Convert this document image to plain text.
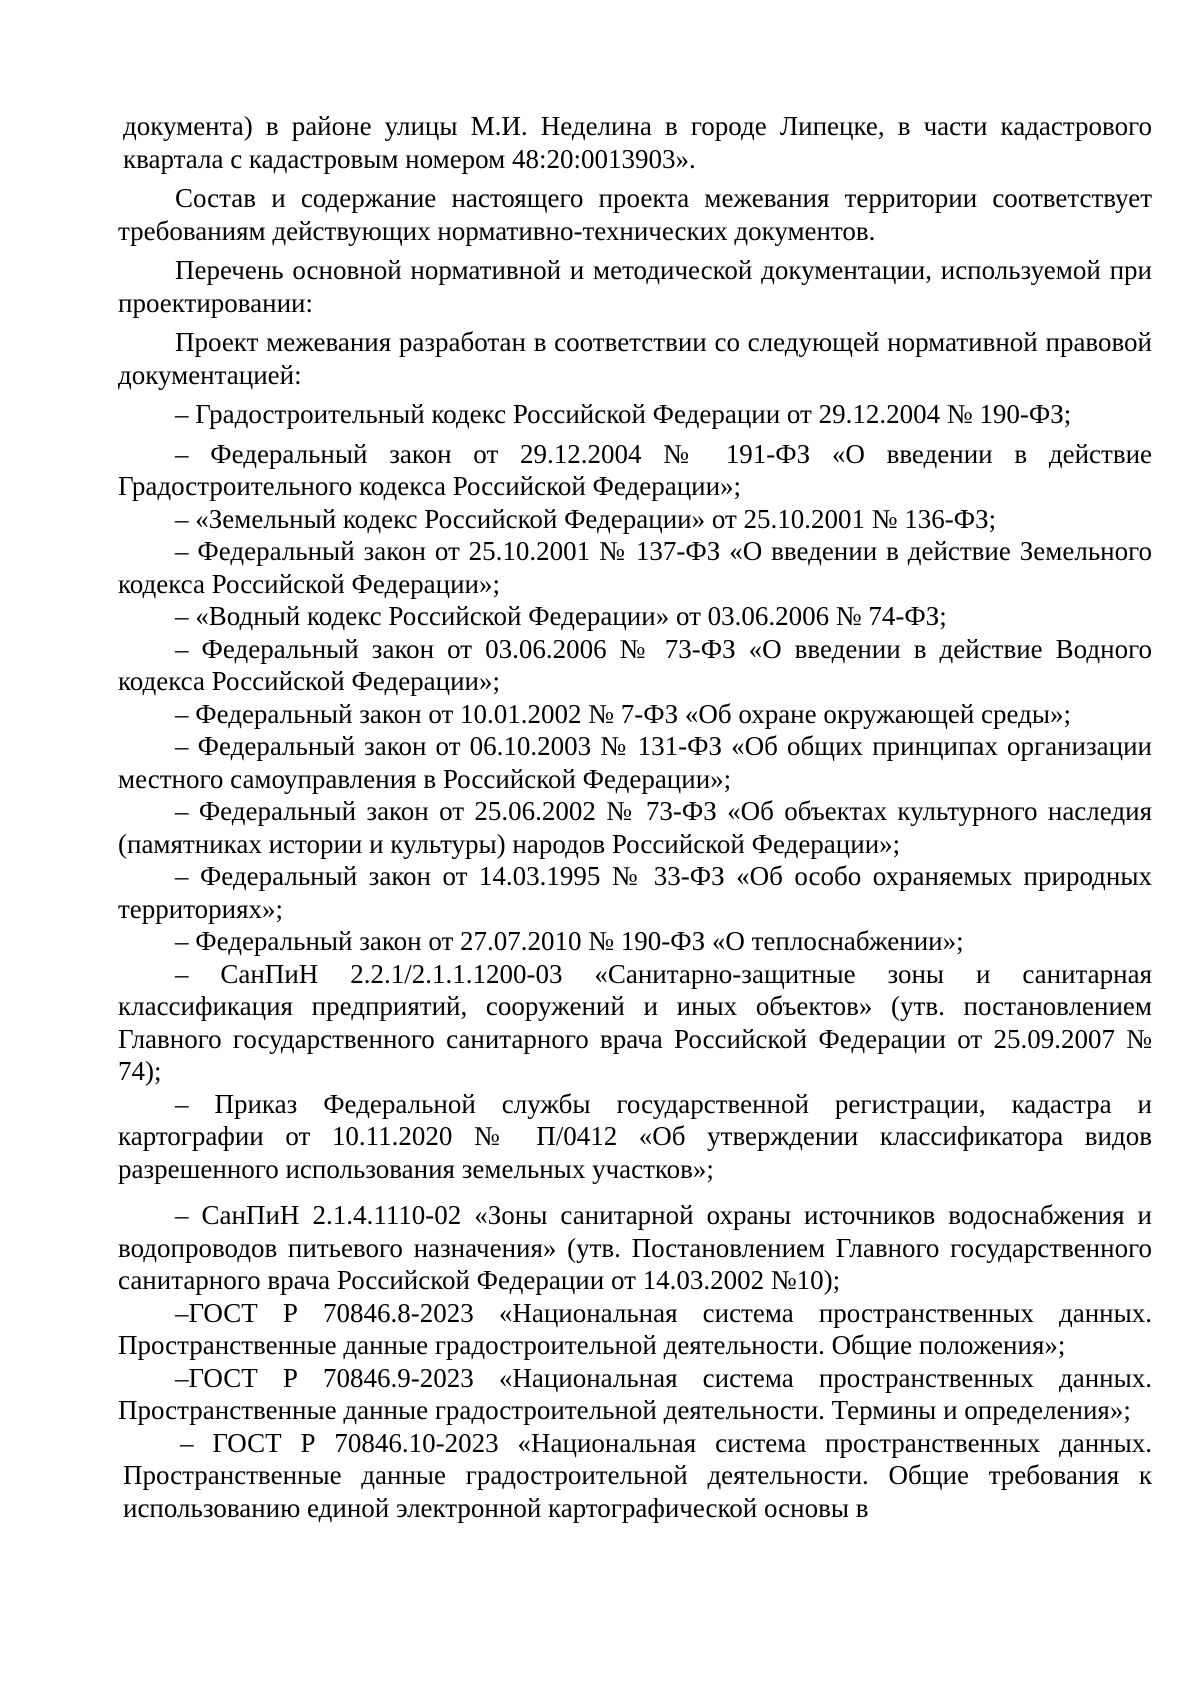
документа) в районе улицы М.И. Неделина в городе Липецке, в части кадастрового квартала с кадастровым номером 48:20:0013903».

Состав и содержание настоящего проекта межевания территории соответствует требованиям действующих нормативно-технических документов.

Перечень основной нормативной и методической документации, используемой при проектировании:

Проект межевания разработан в соответствии со следующей нормативной правовой документацией:

– Градостроительный кодекс Российской Федерации от 29.12.2004 № 190-ФЗ;

– Федеральный закон от 29.12.2004 № 191-ФЗ «О введении в действие Градостроительного кодекса Российской Федерации»;

– «Земельный кодекс Российской Федерации» от 25.10.2001 № 136-ФЗ;

– Федеральный закон от 25.10.2001 № 137-ФЗ «О введении в действие Земельного кодекса Российской Федерации»;

– «Водный кодекс Российской Федерации» от 03.06.2006 № 74-ФЗ;

– Федеральный закон от 03.06.2006 № 73-ФЗ «О введении в действие Водного кодекса Российской Федерации»;

– Федеральный закон от 10.01.2002 № 7-ФЗ «Об охране окружающей среды»;

– Федеральный закон от 06.10.2003 № 131-ФЗ «Об общих принципах организации местного самоуправления в Российской Федерации»;

– Федеральный закон от 25.06.2002 № 73-ФЗ «Об объектах культурного наследия (памятниках истории и культуры) народов Российской Федерации»;

– Федеральный закон от 14.03.1995 № 33-ФЗ «Об особо охраняемых природных территориях»;

– Федеральный закон от 27.07.2010 № 190-ФЗ «О теплоснабжении»;

– СанПиН 2.2.1/2.1.1.1200-03 «Санитарно-защитные зоны и санитарная классификация предприятий, сооружений и иных объектов» (утв. постановлением Главного государственного санитарного врача Российской Федерации от 25.09.2007 № 74);

– Приказ Федеральной службы государственной регистрации, кадастра и картографии от 10.11.2020 № П/0412 «Об утверждении классификатора видов разрешенного использования земельных участков»;

– СанПиН 2.1.4.1110-02 «Зоны санитарной охраны источников водоснабжения и водопроводов питьевого назначения» (утв. Постановлением Главного государственного санитарного врача Российской Федерации от 14.03.2002 №10);

–ГОСТ Р 70846.8-2023 «Национальная система пространственных данных. Пространственные данные градостроительной деятельности. Общие положения»;

–ГОСТ Р 70846.9-2023 «Национальная система пространственных данных. Пространственные данные градостроительной деятельности. Термины и определения»;

– ГОСТ Р 70846.10-2023 «Национальная система пространственных данных. Пространственные данные градостроительной деятельности. Общие требования к использованию единой электронной картографической основы в
